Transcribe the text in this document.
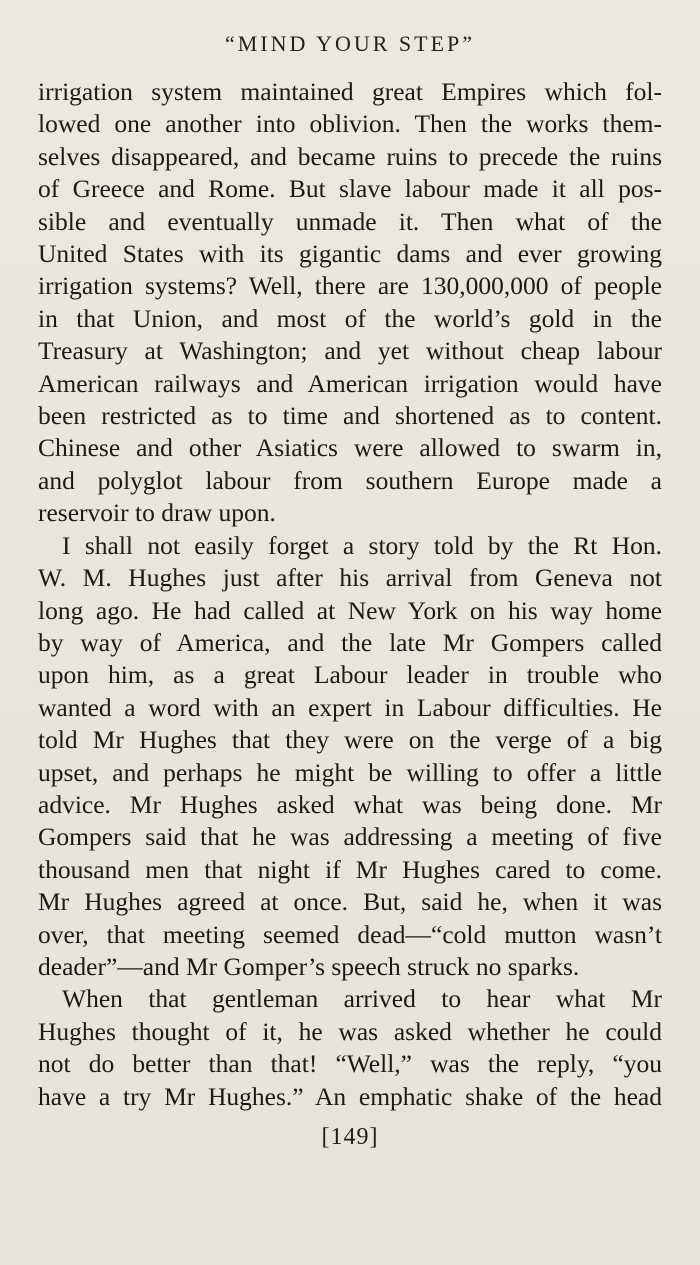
“MIND YOUR STEP”
irrigation system maintained great Empires which fol-
lowed one another into oblivion. Then the works them-
selves disappeared, and became ruins to precede the ruins
of Greece and Rome. But slave labour made it all pos-
sible and eventually unmade it. Then what of the
United States with its gigantic dams and ever growing
irrigation systems? Well, there are 130,000,000 of people
in that Union, and most of the world’s gold in the
Treasury at Washington; and yet without cheap labour
American railways and American irrigation would have
been restricted as to time and shortened as to content.
Chinese and other Asiatics were allowed to swarm in,
and polyglot labour from southern Europe made a
reservoir to draw upon.
I shall not easily forget a story told by the Rt Hon.
W. M. Hughes just after his arrival from Geneva not
long ago. He had called at New York on his way home
by way of America, and the late Mr Gompers called
upon him, as a great Labour leader in trouble who
wanted a word with an expert in Labour difficulties. He
told Mr Hughes that they were on the verge of a big
upset, and perhaps he might be willing to offer a little
advice. Mr Hughes asked what was being done. Mr
Gompers said that he was addressing a meeting of five
thousand men that night if Mr Hughes cared to come.
Mr Hughes agreed at once. But, said he, when it was
over, that meeting seemed dead—“cold mutton wasn’t
deader”—and Mr Gomper’s speech struck no sparks.
When that gentleman arrived to hear what Mr
Hughes thought of it, he was asked whether he could
not do better than that! “Well,” was the reply, “you
have a try Mr Hughes.” An emphatic shake of the head
[149]
